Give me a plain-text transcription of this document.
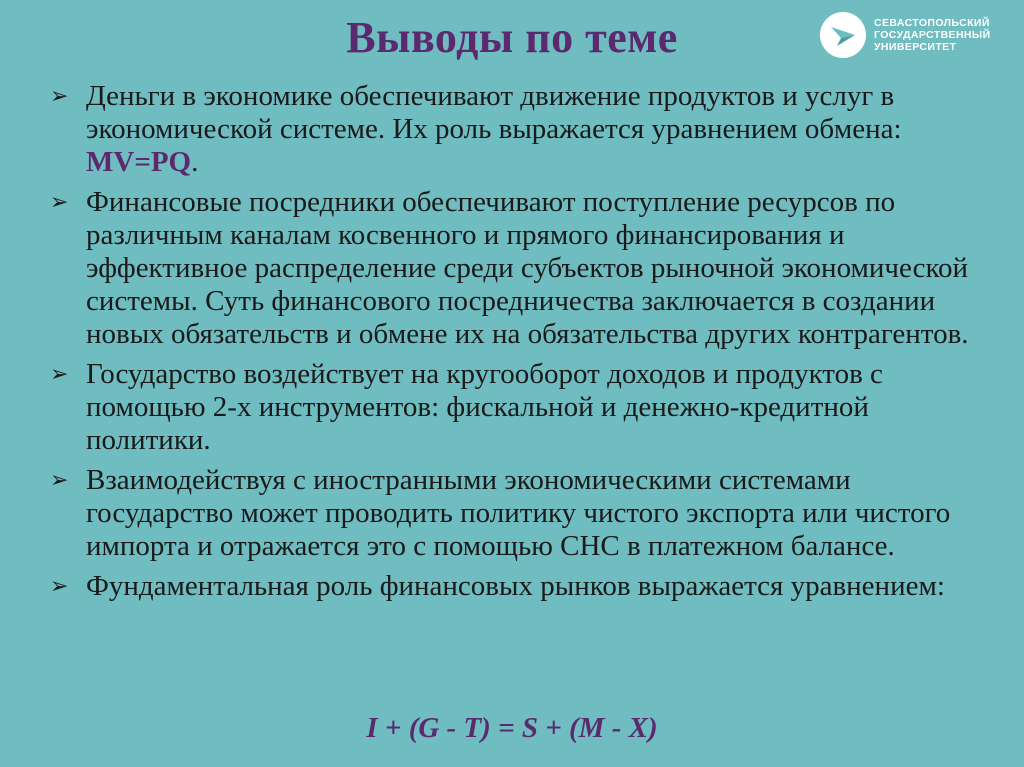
Выводы по теме	СЕВАСТОПОЛЬСКИЙ
ГОСУДАРСТВЕННЫЙ
УНИВЕРСИТЕТ
➢ Деньги в экономике обеспечивают движение продуктов и услуг в экономической системе. Их роль выражается уравнением обмена: MV=PQ.
➢ Финансовые посредники обеспечивают поступление ресурсов по различным каналам косвенного и прямого финансирования и эффективное распределение среди субъектов рыночной экономической системы. Суть финансового посредничества заключается в создании новых обязательств и обмене их на обязательства других контрагентов.
➢ Государство воздействует на кругооборот доходов и продуктов с помощью 2-х инструментов: фискальной и денежно-кредитной политики.
➢ Взаимодействуя с иностранными экономическими системами государство может проводить политику чистого экспорта или чистого импорта и отражается это с помощью СНС в платежном балансе.
➢ Фундаментальная роль финансовых рынков выражается уравнением:
I + (G - T) = S + (M - X)
